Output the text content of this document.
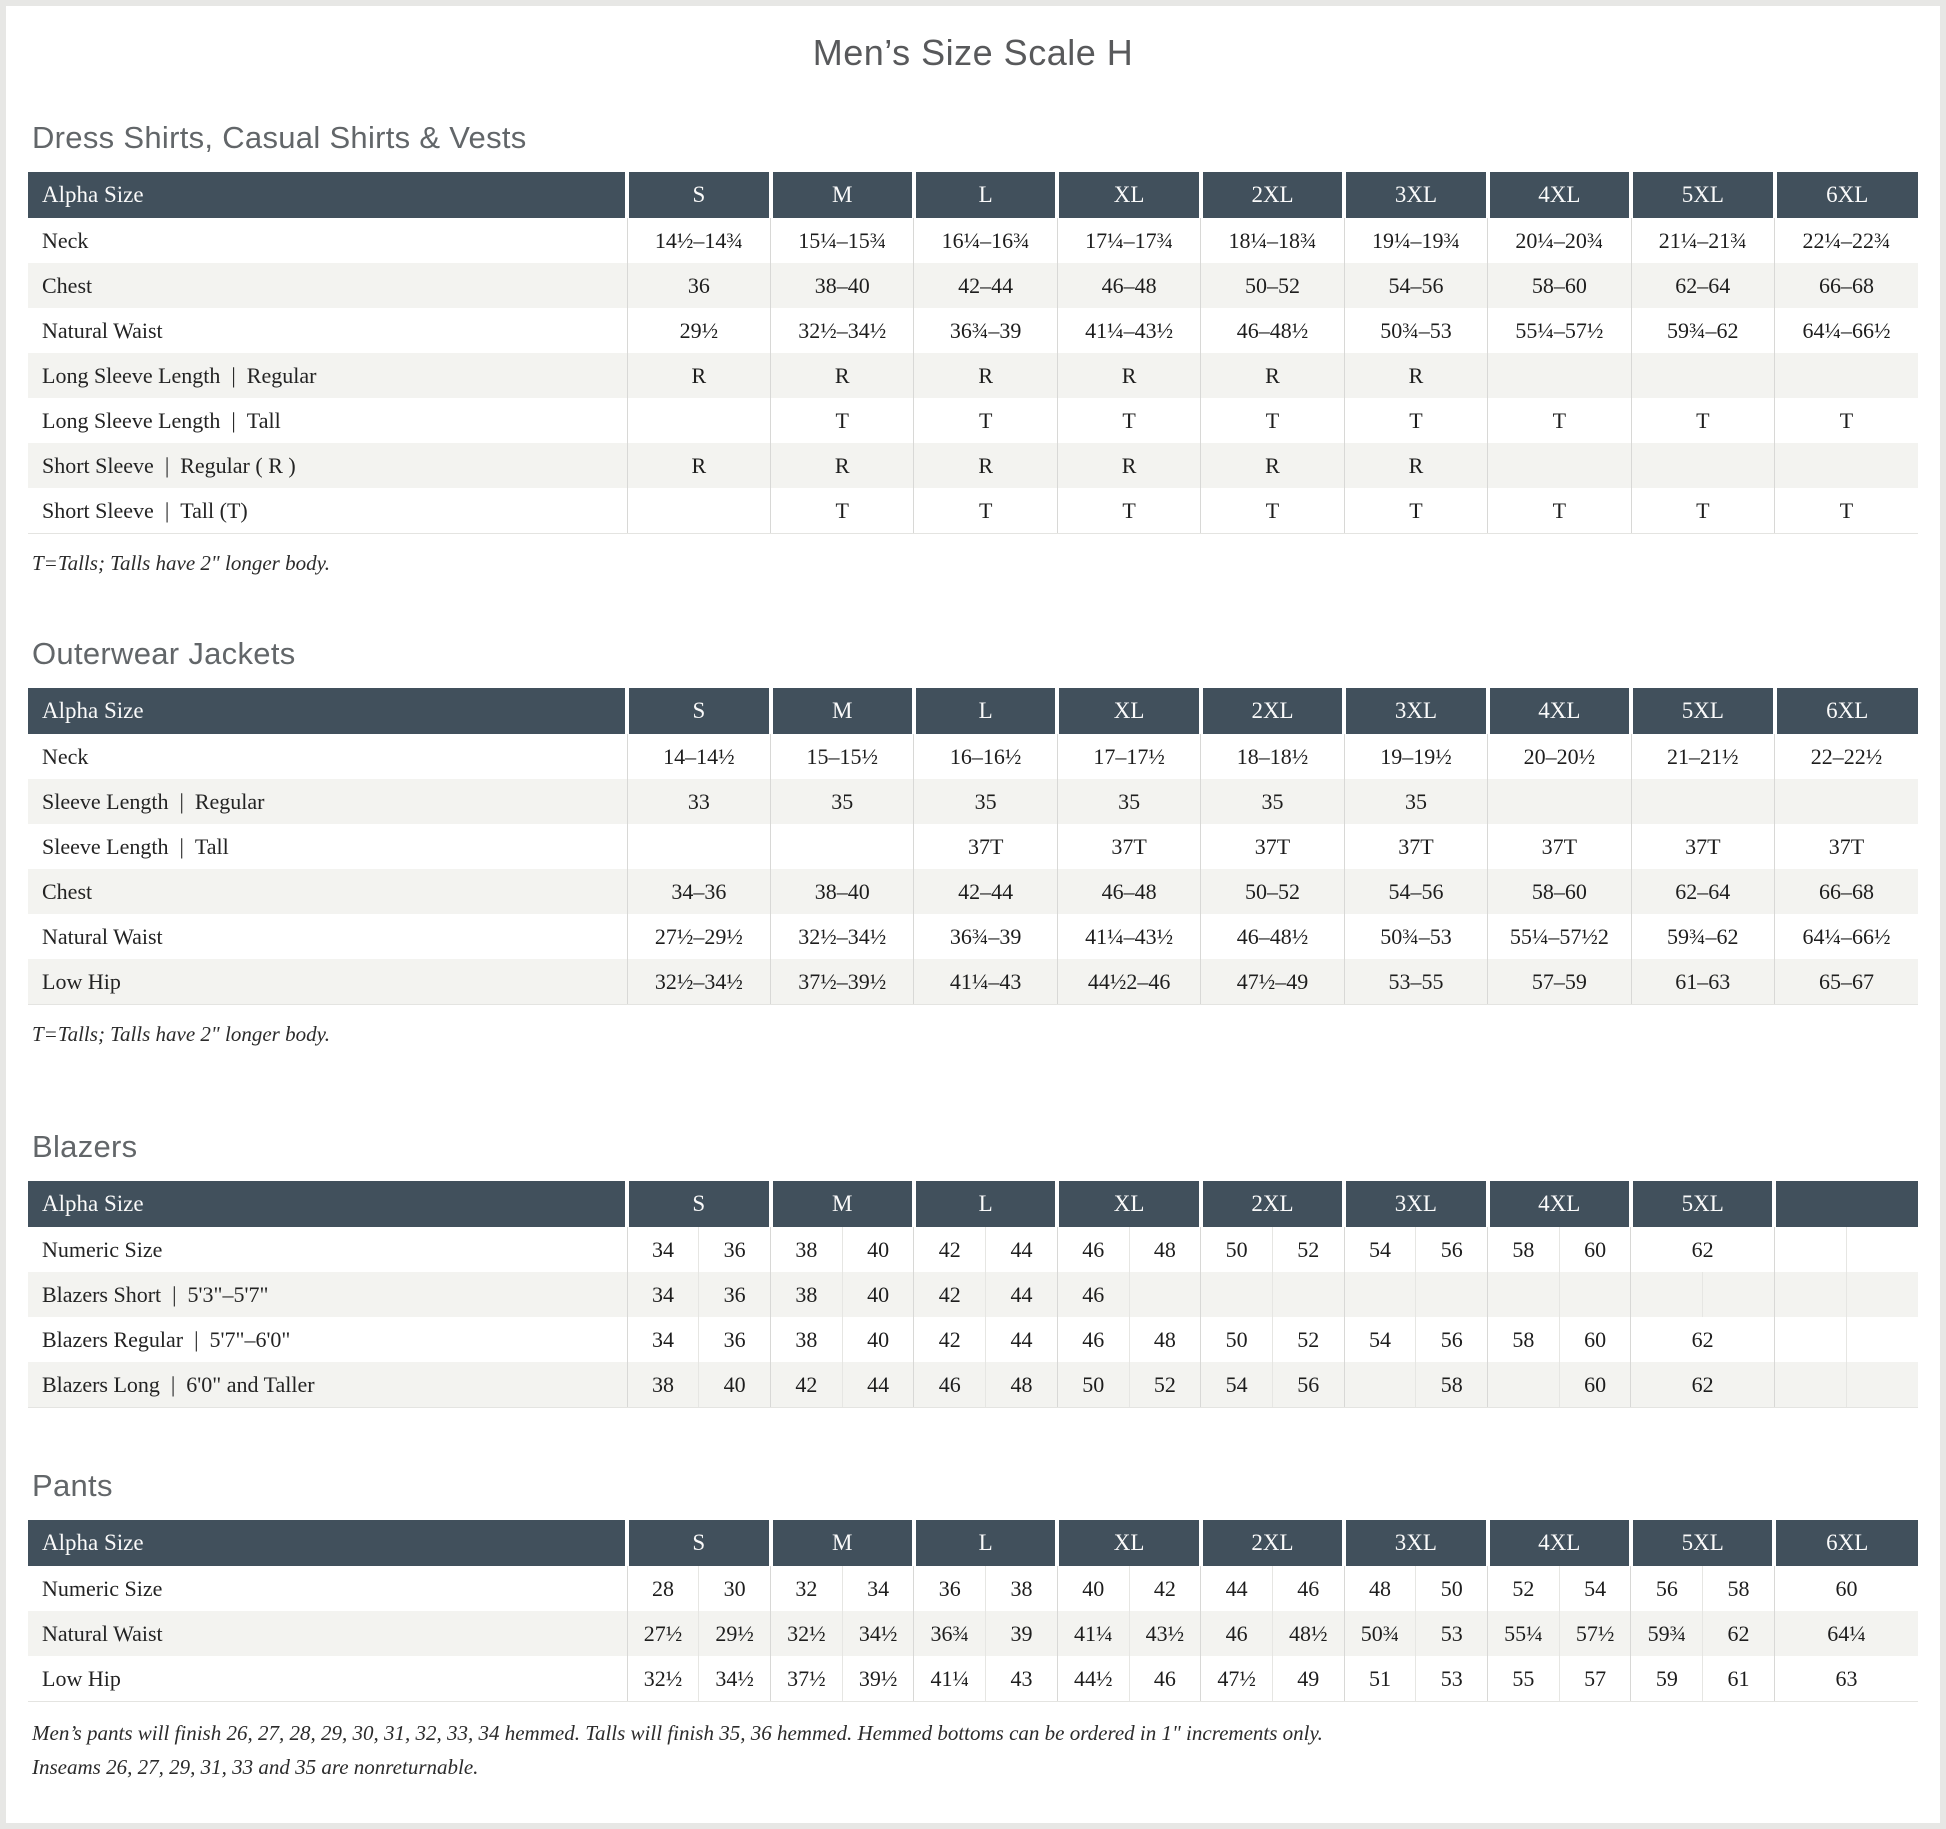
Men’s Size Scale H
Dress Shirts, Casual Shirts & Vests
Alpha Size	S	M	L	XL	2XL	3XL	4XL	5XL	6XL
Neck	14½–14¾	15¼–15¾	16¼–16¾	17¼–17¾	18¼–18¾	19¼–19¾	20¼–20¾	21¼–21¾	22¼–22¾
Chest	36	38–40	42–44	46–48	50–52	54–56	58–60	62–64	66–68
Natural Waist	29½	32½–34½	36¾–39	41¼–43½	46–48½	50¾–53	55¼–57½	59¾–62	64¼–66½
Long Sleeve Length | Regular	R	R	R	R	R	R			
Long Sleeve Length | Tall		T	T	T	T	T	T	T	T
Short Sleeve | Regular ( R )	R	R	R	R	R	R			
Short Sleeve | Tall (T)		T	T	T	T	T	T	T	T

T=Talls; Talls have 2" longer body.

Outerwear Jackets
Alpha Size	S	M	L	XL	2XL	3XL	4XL	5XL	6XL
Neck	14–14½	15–15½	16–16½	17–17½	18–18½	19–19½	20–20½	21–21½	22–22½
Sleeve Length | Regular	33	35	35	35	35	35			
Sleeve Length | Tall			37T	37T	37T	37T	37T	37T	37T
Chest	34–36	38–40	42–44	46–48	50–52	54–56	58–60	62–64	66–68
Natural Waist	27½–29½	32½–34½	36¾–39	41¼–43½	46–48½	50¾–53	55¼–57½2	59¾–62	64¼–66½
Low Hip	32½–34½	37½–39½	41¼–43	44½2–46	47½–49	53–55	57–59	61–63	65–67

T=Talls; Talls have 2" longer body.

Blazers
Alpha Size	S		M		L		XL		2XL		3XL		4XL		5XL			
Numeric Size	34	36	38	40	42	44	46	48	50	52	54	56	58	60	62			
Blazers Short | 5'3"–5'7"	34	36	38	40	42	44	46											
Blazers Regular | 5'7"–6'0"	34	36	38	40	42	44	46	48	50	52	54	56	58	60	62			
Blazers Long | 6'0" and Taller	38	40	42	44	46	48	50	52	54	56		58		60	62			
Pants
Alpha Size	S		M		L		XL		2XL		3XL		4XL		5XL		6XL
Numeric Size	28	30	32	34	36	38	40	42	44	46	48	50	52	54	56	58	60
Natural Waist	27½	29½	32½	34½	36¾	39	41¼	43½	46	48½	50¾	53	55¼	57½	59¾	62	64¼
Low Hip	32½	34½	37½	39½	41¼	43	44½	46	47½	49	51	53	55	57	59	61	63

Men’s pants will finish 26, 27, 28, 29, 30, 31, 32, 33, 34 hemmed. Talls will finish 35, 36 hemmed. Hemmed bottoms can be ordered in 1" increments only.

Inseams 26, 27, 29, 31, 33 and 35 are nonreturnable.
